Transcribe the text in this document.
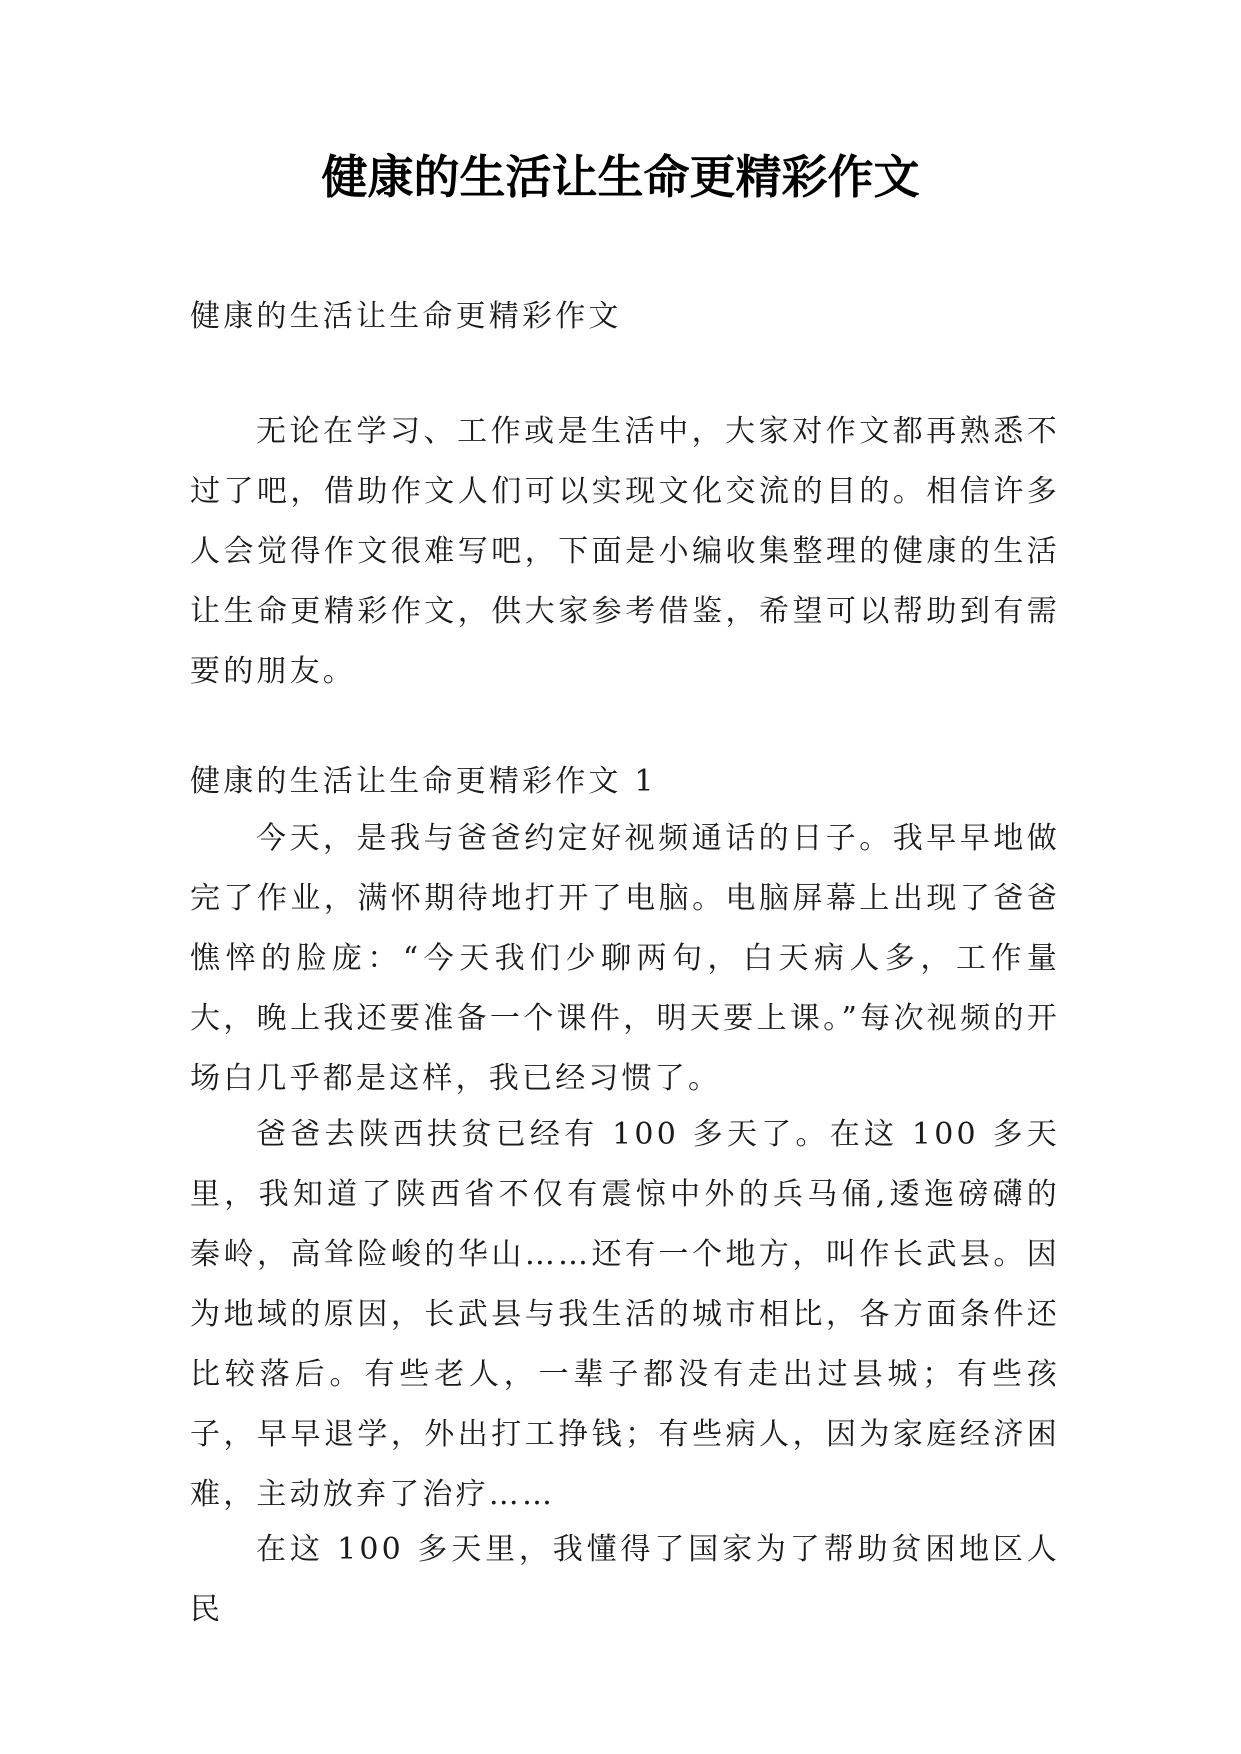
健康的生活让生命更精彩作文

健康的生活让生命更精彩作文

无论在学习、工作或是生活中，大家对作文都再熟悉不过了吧，借助作文人们可以实现文化交流的目的。相信许多人会觉得作文很难写吧，下面是小编收集整理的健康的生活让生命更精彩作文，供大家参考借鉴，希望可以帮助到有需要的朋友。

健康的生活让生命更精彩作文 1

今天，是我与爸爸约定好视频通话的日子。我早早地做完了作业，满怀期待地打开了电脑。电脑屏幕上出现了爸爸憔悴的脸庞：“今天我们少聊两句，白天病人多，工作量大，晚上我还要准备一个课件，明天要上课。”每次视频的开场白几乎都是这样，我已经习惯了。

爸爸去陕西扶贫已经有 100 多天了。在这 100 多天里，我知道了陕西省不仅有震惊中外的兵马俑,逶迤磅礴的秦岭，高耸险峻的华山……还有一个地方，叫作长武县。因为地域的原因，长武县与我生活的城市相比，各方面条件还比较落后。有些老人，一辈子都没有走出过县城；有些孩子，早早退学，外出打工挣钱；有些病人，因为家庭经济困难，主动放弃了治疗……

在这 100 多天里，我懂得了国家为了帮助贫困地区人民
